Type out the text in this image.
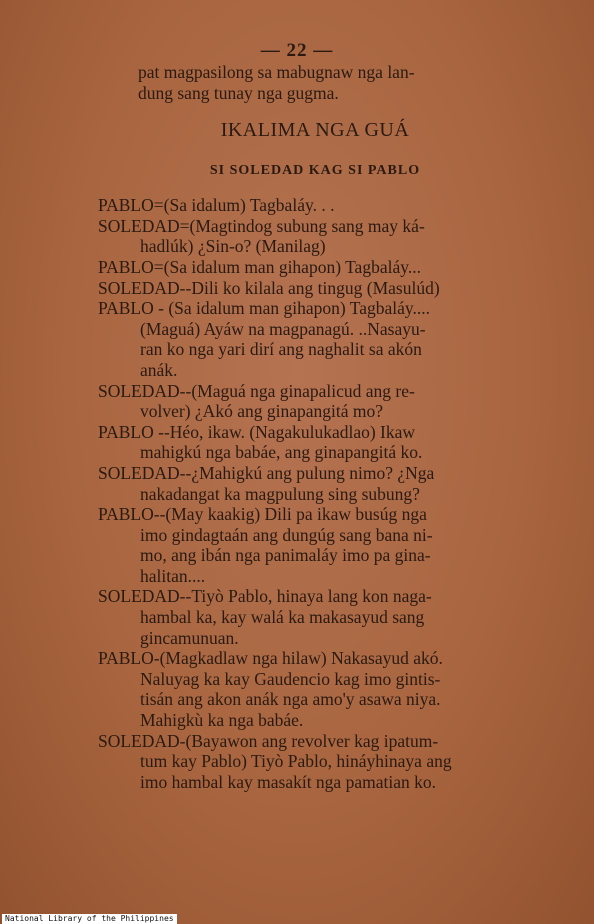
— 22 —
pat magpasilong sa mabugnaw nga lan-
dung sang tunay nga gugma.
IKALIMA NGA GUÁ
SI SOLEDAD KAG SI PABLO
PABLO=(Sa idalum) Tagbaláy. . .
SOLEDAD=(Magtindog subung sang may ká-
hadlúk) ¿Sin-o? (Manilag)
PABLO=(Sa idalum man gihapon) Tagbaláy...
SOLEDAD--Dili ko kilala ang tingug (Masulúd)
PABLO - (Sa idalum man gihapon) Tagbaláy....
(Maguá) Ayáw na magpanagú. ..Nasayu-
ran ko nga yari dirí ang naghalit sa akón
anák.
SOLEDAD--(Maguá nga ginapalicud ang re-
volver) ¿Akó ang ginapangitá mo?
PABLO --Héo, ikaw. (Nagakulukadlao) Ikaw
mahigkú nga babáe, ang ginapangitá ko.
SOLEDAD--¿Mahigkú ang pulung nimo? ¿Nga
nakadangat ka magpulung sing subung?
PABLO--(May kaakig) Dili pa ikaw busúg nga
imo gindagtaán ang dungúg sang bana ni-
mo, ang ibán nga panimaláy imo pa gina-
halitan....
SOLEDAD--Tiyò Pablo, hinaya lang kon naga-
hambal ka, kay walá ka makasayud sang
gincamunuan.
PABLO-(Magkadlaw nga hilaw) Nakasayud akó.
Naluyag ka kay Gaudencio kag imo gintis-
tisán ang akon anák nga amo'y asawa niya.
Mahigkù ka nga babáe.
SOLEDAD-(Bayawon ang revolver kag ipatum-
tum kay Pablo) Tiyò Pablo, hináyhinaya ang
imo hambal kay masakít nga pamatian ko.
National Library of the Philippines
